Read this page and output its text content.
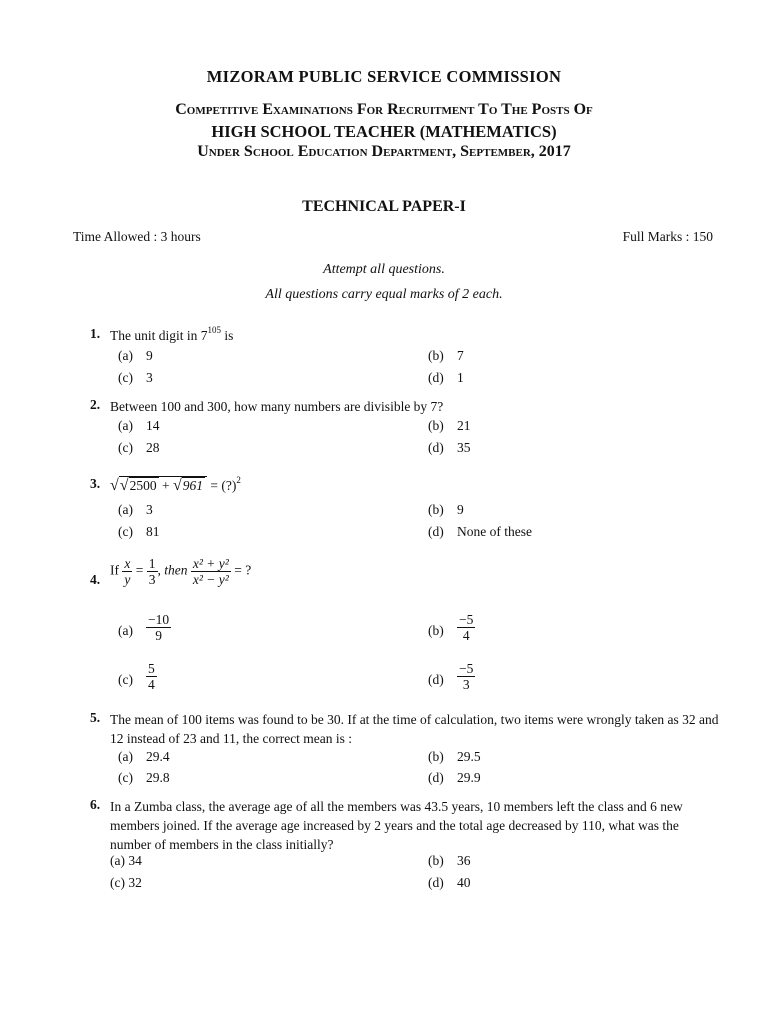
MIZORAM PUBLIC SERVICE COMMISSION
Competitive Examinations For Recruitment To The Posts Of
HIGH SCHOOL TEACHER (MATHEMATICS)
Under School Education Department, September, 2017
TECHNICAL PAPER-I
Time Allowed : 3 hours	Full Marks : 150
Attempt all questions.
All questions carry equal marks of 2 each.
1. The unit digit in $7^{105}$ is
(a) 9	(b) 7
(c) 3	(d) 1
2. Between 100 and 300, how many numbers are divisible by 7?
(a) 14	(b) 21
(c) 28	(d) 35
3. √√2500 + √961 = (?)$^2$
(a) 3	(b) 9
(c) 81	(d) None of these
4.
If $\frac{x}{y} = \frac{1}{3}$ , then $\frac{\text{x² + y²}}{\text{x² − y²}}$ = ?
$(a) \frac{-10}{9}$	$(b) \frac{-5}{4}$
$(c) \frac{5}{4}$	$(d) \frac{-5}{3}$
5. The mean of 100 items was found to be 30. If at the time of calculation, two items were wrongly taken as 32 and 12 instead of 23 and 11, the correct mean is :
(a) 29.4	(b) 29.5
(c) 29.8	(d) 29.9
6. In a Zumba class, the average age of all the members was 43.5 years, 10 members left the class and 6 new members joined. If the average age increased by 2 years and the total age decreased by 110, what was the number of members in the class initially?
(a) 34	(b) 36
(c) 32	(d) 40
